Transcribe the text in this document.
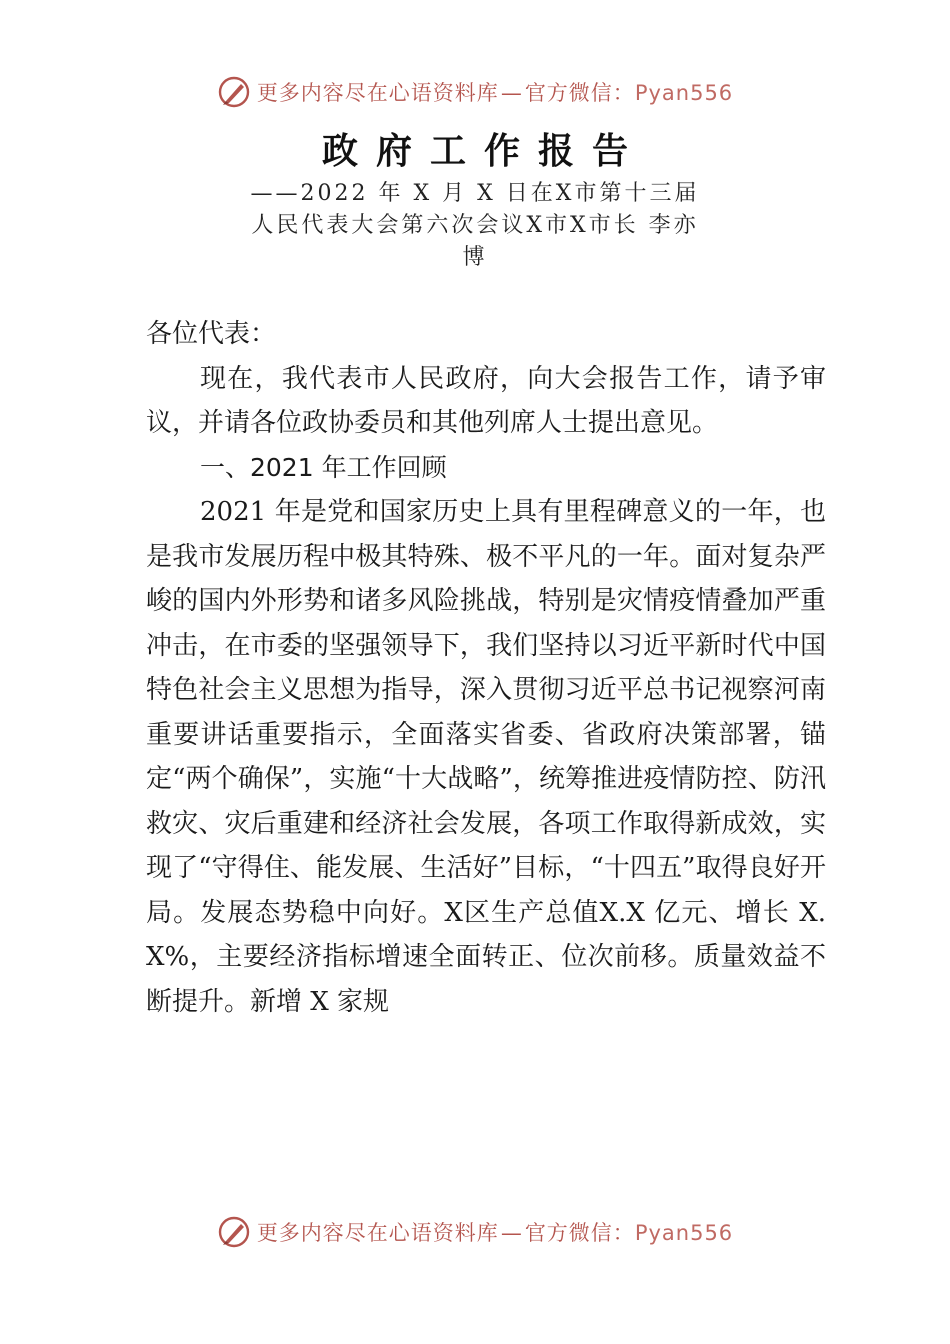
更多内容尽在心语资料库—官方微信：Pyan556
政府工作报告
——2022 年 X 月 X 日在X市第十三届人民代表大会第六次会议X市X市长 李亦博

各位代表：

现在，我代表市人民政府，向大会报告工作，请予审议，并请各位政协委员和其他列席人士提出意见。

一、2021 年工作回顾

2021 年是党和国家历史上具有里程碑意义的一年，也是我市发展历程中极其特殊、极不平凡的一年。面对复杂严峻的国内外形势和诸多风险挑战，特别是灾情疫情叠加严重冲击，在市委的坚强领导下，我们坚持以习近平新时代中国特色社会主义思想为指导，深入贯彻习近平总书记视察河南重要讲话重要指示，全面落实省委、省政府决策部署，锚定“两个确保”，实施“十大战略”，统筹推进疫情防控、防汛救灾、灾后重建和经济社会发展，各项工作取得新成效，实现了“守得住、能发展、生活好”目标，“十四五”取得良好开局。发展态势稳中向好。X区生产总值X.X 亿元、增长 X.X%，主要经济指标增速全面转正、位次前移。质量效益不断提升。新增 X 家规

更多内容尽在心语资料库—官方微信：Pyan556
